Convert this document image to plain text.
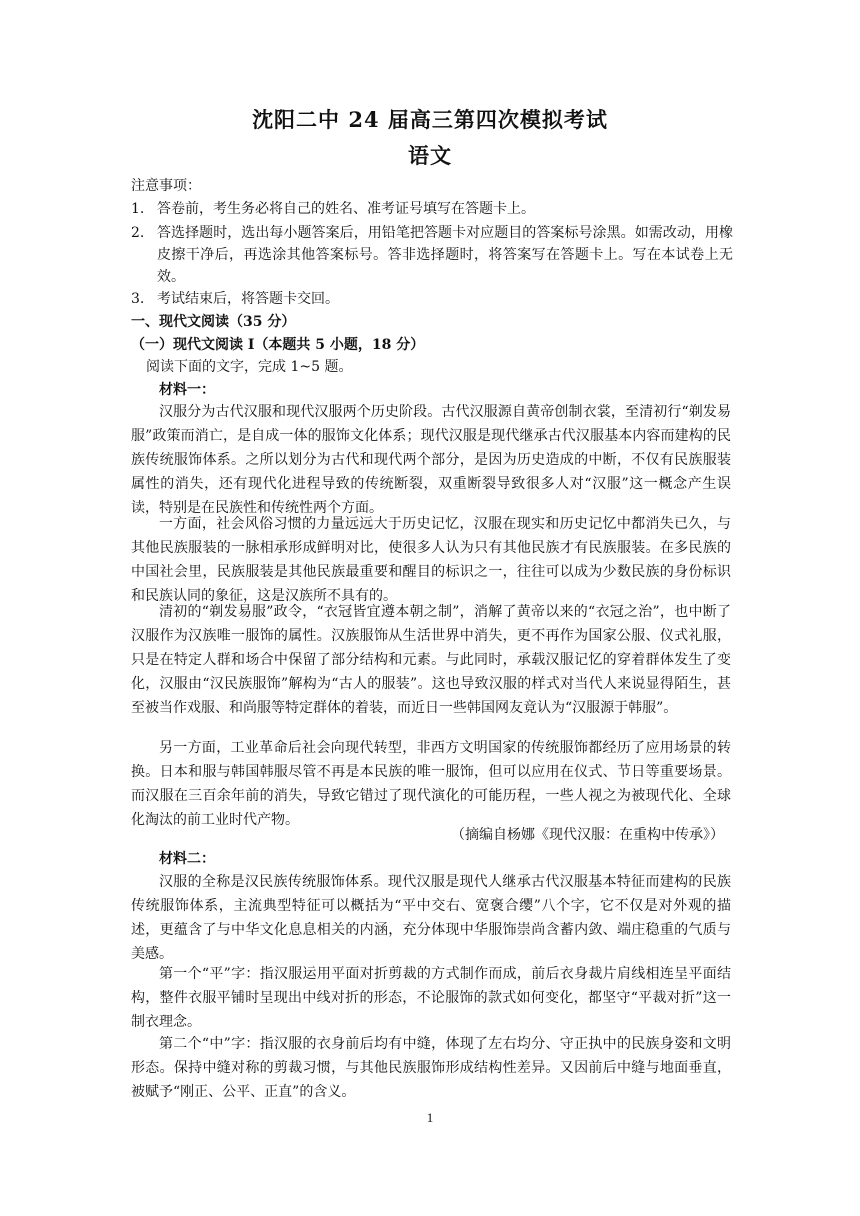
沈阳二中 24 届高三第四次模拟考试
语文
注意事项：
1. 答卷前，考生务必将自己的姓名、准考证号填写在答题卡上。
2. 答选择题时，选出每小题答案后，用铅笔把答题卡对应题目的答案标号涂黑。如需改动，用橡皮擦干净后，再选涂其他答案标号。答非选择题时，将答案写在答题卡上。写在本试卷上无效。
3. 考试结束后，将答题卡交回。
一、现代文阅读（35 分）
（一）现代文阅读 I（本题共 5 小题，18 分）
阅读下面的文字，完成 1~5 题。
材料一：
汉服分为古代汉服和现代汉服两个历史阶段。古代汉服源自黄帝创制衣裳，至清初行“剃发易服”政策而消亡，是自成一体的服饰文化体系；现代汉服是现代继承古代汉服基本内容而建构的民族传统服饰体系。之所以划分为古代和现代两个部分，是因为历史造成的中断，不仅有民族服装属性的消失，还有现代化进程导致的传统断裂，双重断裂导致很多人对“汉服”这一概念产生误读，特别是在民族性和传统性两个方面。
一方面，社会风俗习惯的力量远远大于历史记忆，汉服在现实和历史记忆中都消失已久，与其他民族服装的一脉相承形成鲜明对比，使很多人认为只有其他民族才有民族服装。在多民族的中国社会里，民族服装是其他民族最重要和醒目的标识之一，往往可以成为少数民族的身份标识和民族认同的象征，这是汉族所不具有的。
清初的“剃发易服”政令，“衣冠皆宜遵本朝之制”，消解了黄帝以来的“衣冠之治”，也中断了汉服作为汉族唯一服饰的属性。汉族服饰从生活世界中消失，更不再作为国家公服、仪式礼服，只是在特定人群和场合中保留了部分结构和元素。与此同时，承载汉服记忆的穿着群体发生了变化，汉服由“汉民族服饰”解构为“古人的服装”。这也导致汉服的样式对当代人来说显得陌生，甚至被当作戏服、和尚服等特定群体的着装，而近日一些韩国网友竟认为“汉服源于韩服”。
另一方面，工业革命后社会向现代转型，非西方文明国家的传统服饰都经历了应用场景的转换。日本和服与韩国韩服尽管不再是本民族的唯一服饰，但可以应用在仪式、节日等重要场景。而汉服在三百余年前的消失，导致它错过了现代演化的可能历程，一些人视之为被现代化、全球化淘汰的前工业时代产物。
（摘编自杨娜《现代汉服：在重构中传承》）
材料二：
汉服的全称是汉民族传统服饰体系。现代汉服是现代人继承古代汉服基本特征而建构的民族传统服饰体系，主流典型特征可以概括为“平中交右、宽褒合缨”八个字，它不仅是对外观的描述，更蕴含了与中华文化息息相关的内涵，充分体现中华服饰崇尚含蓄内敛、端庄稳重的气质与美感。
第一个“平”字：指汉服运用平面对折剪裁的方式制作而成，前后衣身裁片肩线相连呈平面结构，整件衣服平铺时呈现出中线对折的形态，不论服饰的款式如何变化，都坚守“平裁对折”这一制衣理念。
第二个“中”字：指汉服的衣身前后均有中缝，体现了左右均分、守正执中的民族身姿和文明形态。保持中缝对称的剪裁习惯，与其他民族服饰形成结构性差异。又因前后中缝与地面垂直，被赋予“刚正、公平、正直”的含义。
1
